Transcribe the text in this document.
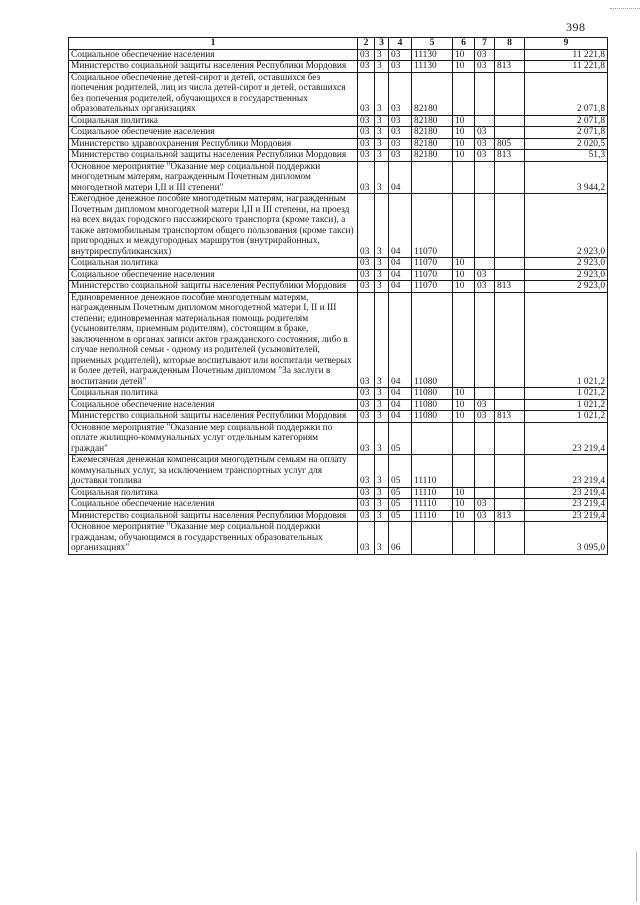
398
1	2	3	4	5	6	7	8	9
Социальное обеспечение населения	03	3	03	11130	10	03		11 221,8
Министерство социальной защиты населения Республики Мордовия	03	3	03	11130	10	03	813	11 221,8
Социальное обеспечение детей-сирот и детей, оставшихся без попечения родителей, лиц из числа детей-сирот и детей, оставшихся без попечения родителей, обучающихся в государственных образовательных организациях	03	3	03	82180				2 071,8
Социальная политика	03	3	03	82180	10			2 071,8
Социальное обеспечение населения	03	3	03	82180	10	03		2 071,8
Министерство здравоохранения Республики Мордовия	03	3	03	82180	10	03	805	2 020,5
Министерство социальной защиты населения Республики Мордовия	03	3	03	82180	10	03	813	51,3
Основное мероприятие "Оказание мер социальной поддержки многодетным матерям, награжденным Почетным дипломом многодетной матери I,II и III степени"	03	3	04					3 944,2
Ежегодное денежное пособие многодетным матерям, награжденным Почетным дипломом многодетной матери I,II и III степени, на проезд на всех видах городского пассажирского транспорта (кроме такси), а также автомобильным транспортом общего пользования (кроме такси) пригородных и междугородных маршрутов (внутрирайонных, внутриреспубликанских)	03	3	04	11070				2 923,0
Социальная политика	03	3	04	11070	10			2 923,0
Социальное обеспечение населения	03	3	04	11070	10	03		2 923,0
Министерство социальной защиты населения Республики Мордовия	03	3	04	11070	10	03	813	2 923,0
Единовременное денежное пособие многодетным матерям, награжденным Почетным дипломом многодетной матери I, II и III степени; единовременная материальная помощь родителям (усыновителям, приемным родителям), состоящим в браке, заключенном в органах записи актов гражданского состояния, либо в случае неполной семьи - одному из родителей (усыновителей, приемных родителей), которые воспитывают или воспитали четверых и более детей, награжденным Почетным дипломом "За заслуги в воспитании детей"	03	3	04	11080				1 021,2
Социальная политика	03	3	04	11080	10			1 021,2
Социальное обеспечение населения	03	3	04	11080	10	03		1 021,2
Министерство социальной защиты населения Республики Мордовия	03	3	04	11080	10	03	813	1 021,2
Основное мероприятие "Оказание мер социальной поддержки по оплате жилищно-коммунальных услуг отдельным категориям граждан"	03	3	05					23 219,4
Ежемесячная денежная компенсация многодетным семьям на оплату коммунальных услуг, за исключением транспортных услуг для доставки топлива	03	3	05	11110				23 219,4
Социальная политика	03	3	05	11110	10			23 219,4
Социальное обеспечение населения	03	3	05	11110	10	03		23 219,4
Министерство социальной защиты населения Республики Мордовия	03	3	05	11110	10	03	813	23 219,4
Основное мероприятие "Оказание мер социальной поддержки гражданам, обучающимся в государственных образовательных организациях"	03	3	06					3 095,0
